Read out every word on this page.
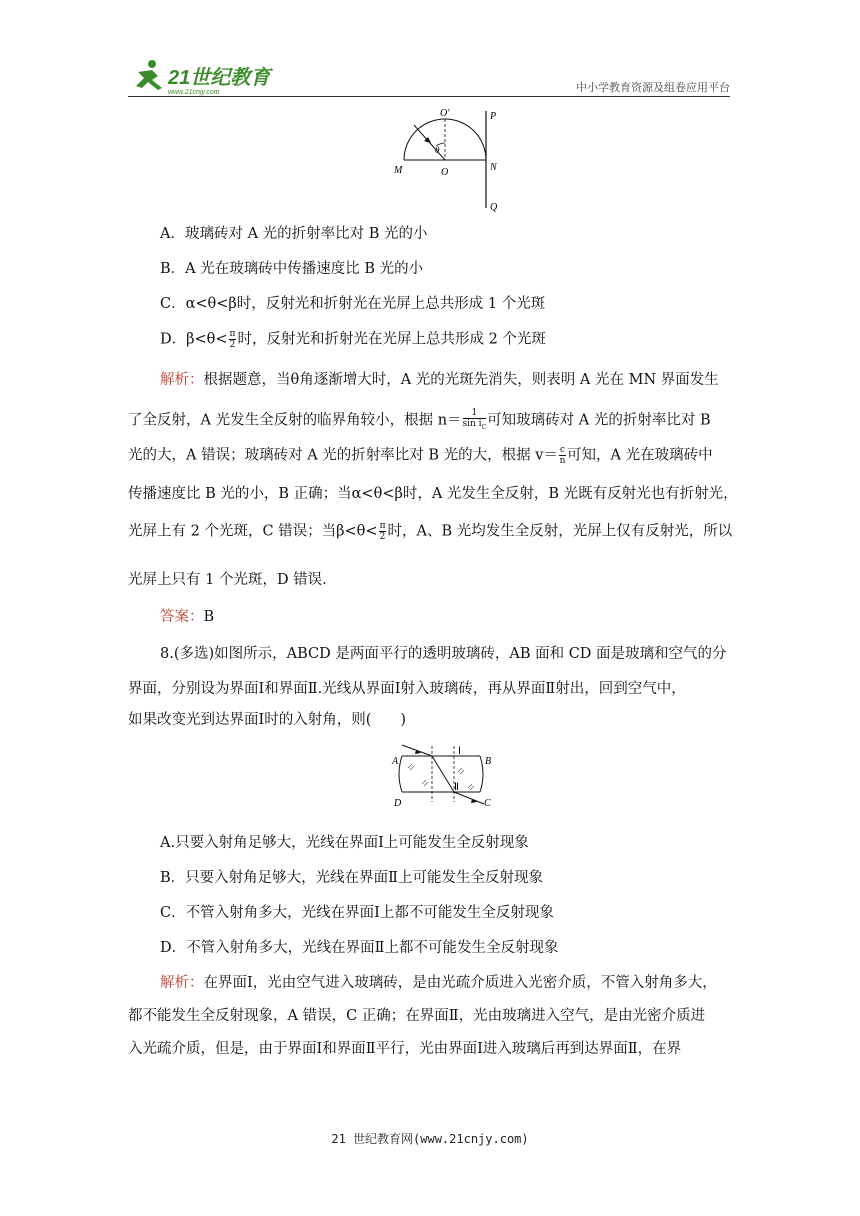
21世纪教育
www.21cnjy.com	中小学教育资源及组卷应用平台
O′	P
M	O	N
Q
θ
A．玻璃砖对 A 光的折射率比对 B 光的小
B．A 光在玻璃砖中传播速度比 B 光的小
C．α<θ<β时，反射光和折射光在光屏上总共形成 1 个光斑
D．$\beta<\theta< \frac{\pi}{2}$ 时，反射光和折射光在光屏上总共形成 2 个光斑
解析：根据题意，当θ角逐渐增大时，A 光的光斑先消失，则表明 A 光在 MN 界面发生
了全反射，A 光发生全反射的临界角较小，根据 $n= \frac{1}{\sin i_C}$ 可知玻璃砖对 A 光的折射率比对 B
光的大，A 错误；玻璃砖对 A 光的折射率比对 B 光的大，根据 $v= \frac{c}{n}$ 可知，A 光在玻璃砖中
传播速度比 B 光的小，B 正确；当α<θ<β时，A 光发生全反射，B 光既有反射光也有折射光，
光屏上有 2 个光斑，C 错误；当$\beta<\theta< \frac{\pi}{2}$ 时，A、B 光均发生全反射，光屏上仅有反射光，所以
光屏上只有 1 个光斑，D 错误．
答案：B
8.(多选)如图所示，ABCD 是两面平行的透明玻璃砖，AB 面和 CD 面是玻璃和空气的分
界面，分别设为界面Ⅰ和界面Ⅱ.光线从界面Ⅰ射入玻璃砖，再从界面Ⅱ射出，回到空气中，
如果改变光到达界面Ⅰ时的入射角，则(　　)
A	B
C
D
Ⅰ
Ⅱ
A.只要入射角足够大，光线在界面Ⅰ上可能发生全反射现象
B．只要入射角足够大，光线在界面Ⅱ上可能发生全反射现象
C．不管入射角多大，光线在界面Ⅰ上都不可能发生全反射现象
D．不管入射角多大，光线在界面Ⅱ上都不可能发生全反射现象
解析：在界面Ⅰ，光由空气进入玻璃砖，是由光疏介质进入光密介质，不管入射角多大，
都不能发生全反射现象，A 错误，C 正确；在界面Ⅱ，光由玻璃进入空气，是由光密介质进
入光疏介质，但是，由于界面Ⅰ和界面Ⅱ平行，光由界面Ⅰ进入玻璃后再到达界面Ⅱ，在界
21 世纪教育网(www.21cnjy.com)
